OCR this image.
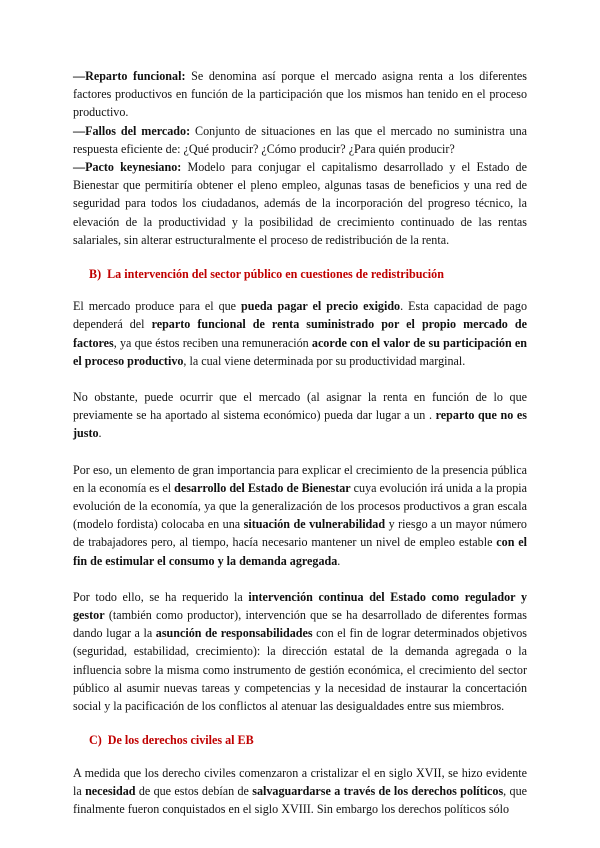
—Reparto funcional: Se denomina así porque el mercado asigna renta a los diferentes factores productivos en función de la participación que los mismos han tenido en el proceso productivo.

—Fallos del mercado: Conjunto de situaciones en las que el mercado no suministra una respuesta eficiente de: ¿Qué producir? ¿Cómo producir? ¿Para quién producir?

—Pacto keynesiano: Modelo para conjugar el capitalismo desarrollado y el Estado de Bienestar que permitiría obtener el pleno empleo, algunas tasas de beneficios y una red de seguridad para todos los ciudadanos, además de la incorporación del progreso técnico, la elevación de la productividad y la posibilidad de crecimiento continuado de las rentas salariales, sin alterar estructuralmente el proceso de redistribución de la renta.

B) La intervención del sector público en cuestiones de redistribución

El mercado produce para el que pueda pagar el precio exigido. Esta capacidad de pago dependerá del reparto funcional de renta suministrado por el propio mercado de factores, ya que éstos reciben una remuneración acorde con el valor de su participación en el proceso productivo, la cual viene determinada por su productividad marginal.

No obstante, puede ocurrir que el mercado (al asignar la renta en función de lo que previamente se ha aportado al sistema económico) pueda dar lugar a un . reparto que no es justo.

Por eso, un elemento de gran importancia para explicar el crecimiento de la presencia pública en la economía es el desarrollo del Estado de Bienestar cuya evolución irá unida a la propia evolución de la economía, ya que la generalización de los procesos productivos a gran escala (modelo fordista) colocaba en una situación de vulnerabilidad y riesgo a un mayor número de trabajadores pero, al tiempo, hacía necesario mantener un nivel de empleo estable con el fin de estimular el consumo y la demanda agregada.

Por todo ello, se ha requerido la intervención continua del Estado como regulador y gestor (también como productor), intervención que se ha desarrollado de diferentes formas dando lugar a la asunción de responsabilidades con el fin de lograr determinados objetivos (seguridad, estabilidad, crecimiento): la dirección estatal de la demanda agregada o la influencia sobre la misma como instrumento de gestión económica, el crecimiento del sector público al asumir nuevas tareas y competencias y la necesidad de instaurar la concertación social y la pacificación de los conflictos al atenuar las desigualdades entre sus miembros.

C) De los derechos civiles al EB

A medida que los derecho civiles comenzaron a cristalizar el en siglo XVII, se hizo evidente la necesidad de que estos debían de salvaguardarse a través de los derechos políticos, que finalmente fueron conquistados en el siglo XVIII. Sin embargo los derechos políticos sólo
